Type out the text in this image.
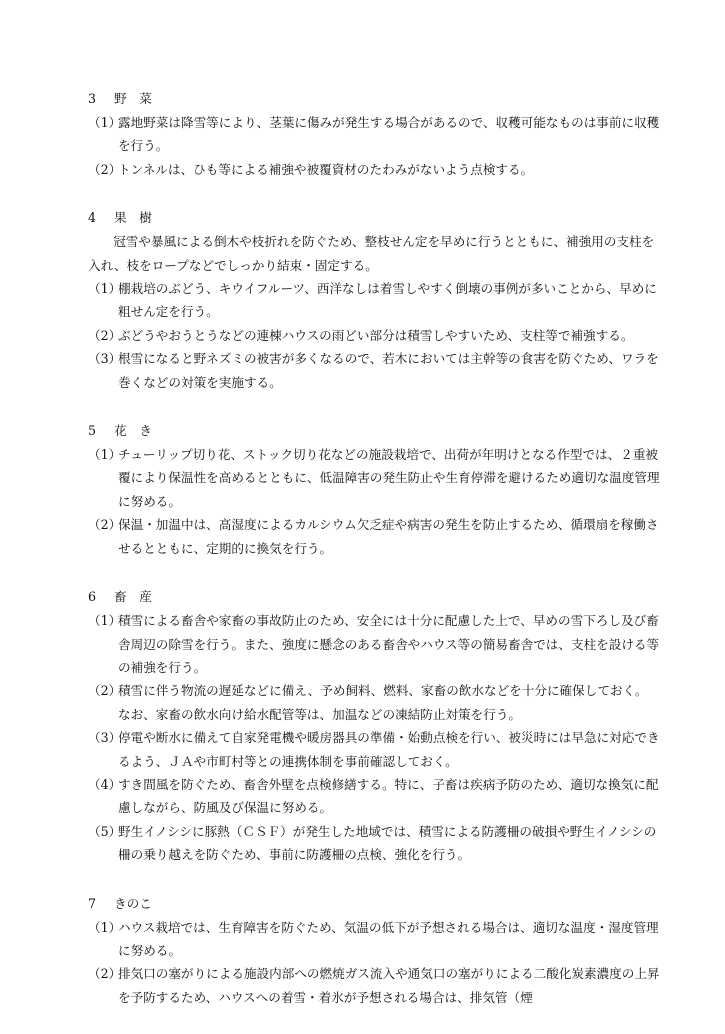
3 野　菜
（1）
露地野菜は降雪等により、茎葉に傷みが発生する場合があるので、収穫可能なものは事前に収穫を行う。
（2）
トンネルは、ひも等による補強や被覆資材のたわみがないよう点検する。
4 果　樹
冠雪や暴風による倒木や枝折れを防ぐため、整枝せん定を早めに行うとともに、補強用の支柱を入れ、枝をロープなどでしっかり結束・固定する。
（1）
棚栽培のぶどう、キウイフルーツ、西洋なしは着雪しやすく倒壊の事例が多いことから、早めに粗せん定を行う。
（2）
ぶどうやおうとうなどの連棟ハウスの雨どい部分は積雪しやすいため、支柱等で補強する。
（3）
根雪になると野ネズミの被害が多くなるので、若木においては主幹等の食害を防ぐため、ワラを巻くなどの対策を実施する。
5 花　き
（1）
チューリップ切り花、ストック切り花などの施設栽培で、出荷が年明けとなる作型では、２重被覆により保温性を高めるとともに、低温障害の発生防止や生育停滞を避けるため適切な温度管理に努める。
（2）
保温・加温中は、高湿度によるカルシウム欠乏症や病害の発生を防止するため、循環扇を稼働させるとともに、定期的に換気を行う。
6 畜　産
（1）
積雪による畜舎や家畜の事故防止のため、安全には十分に配慮した上で、早めの雪下ろし及び畜舎周辺の除雪を行う。また、強度に懸念のある畜舎やハウス等の簡易畜舎では、支柱を設ける等の補強を行う。
（2）
積雪に伴う物流の遅延などに備え、予め飼料、燃料、家畜の飲水などを十分に確保しておく。なお、家畜の飲水向け給水配管等は、加温などの凍結防止対策を行う。
（3）
停電や断水に備えて自家発電機や暖房器具の準備・始動点検を行い、被災時には早急に対応できるよう、ＪＡや市町村等との連携体制を事前確認しておく。
（4）
すき間風を防ぐため、畜舎外壁を点検修繕する。特に、子畜は疾病予防のため、適切な換気に配慮しながら、防風及び保温に努める。
（5）
野生イノシシに豚熱（ＣＳＦ）が発生した地域では、積雪による防護柵の破損や野生イノシシの柵の乗り越えを防ぐため、事前に防護柵の点検、強化を行う。
7 きのこ
（1）
ハウス栽培では、生育障害を防ぐため、気温の低下が予想される場合は、適切な温度・湿度管理に努める。
（2）
排気口の塞がりによる施設内部への燃焼ガス流入や通気口の塞がりによる二酸化炭素濃度の上昇を予防するため、ハウスへの着雪・着氷が予想される場合は、排気管（煙
